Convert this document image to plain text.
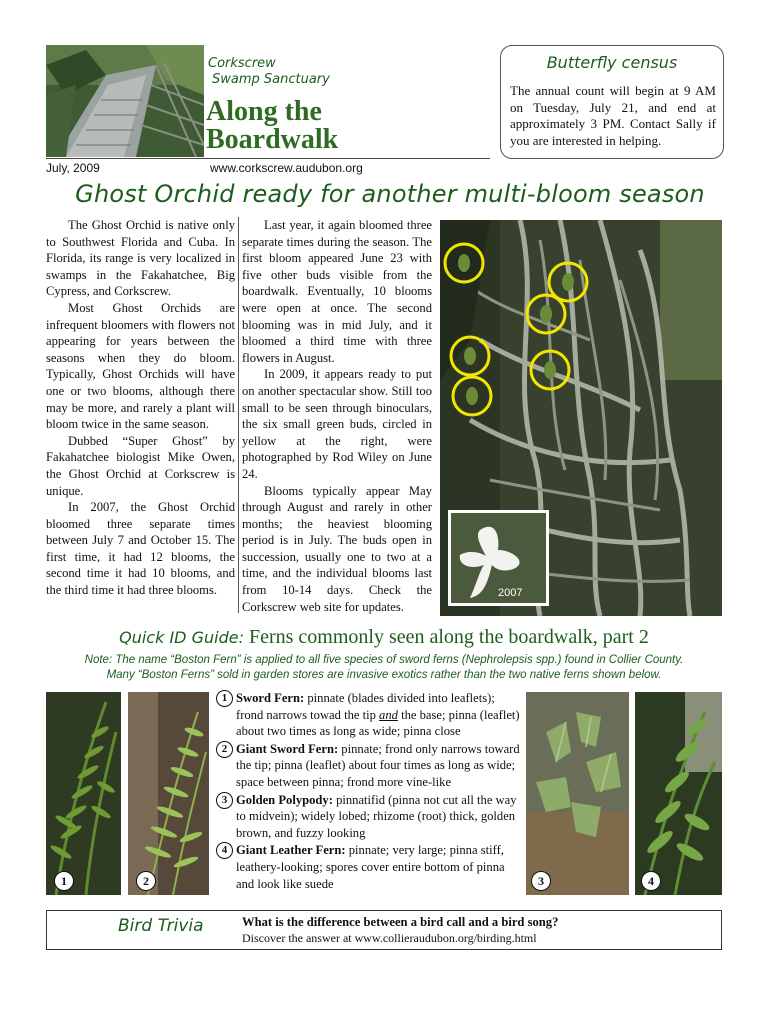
Corkscrew
Swamp Sanctuary
Along the
Boardwalk
July, 2009	www.corkscrew.audubon.org
Butterfly census
The annual count will begin at 9 AM on Tuesday, July 21, and end at approximately 3 PM. Contact Sally if you are interested in helping.
Ghost Orchid ready for another multi-bloom season

The Ghost Orchid is native only to Southwest Florida and Cuba. In Florida, its range is very localized in swamps in the Fakahatchee, Big Cypress, and Corkscrew.

Most Ghost Orchids are infrequent bloomers with flowers not appearing for years between the seasons when they do bloom. Typically, Ghost Orchids will have one or two blooms, although there may be more, and rarely a plant will bloom twice in the same season.

Dubbed “Super Ghost” by Fakahatchee biologist Mike Owen, the Ghost Orchid at Corkscrew is unique.

In 2007, the Ghost Orchid bloomed three separate times between July 7 and October 15. The first time, it had 12 blooms, the second time it had 10 blooms, and the third time it had three blooms.

Last year, it again bloomed three separate times during the season. The first bloom appeared June 23 with five other buds visible from the boardwalk. Eventually, 10 blooms were open at once. The second blooming was in mid July, and it bloomed a third time with three flowers in August.

In 2009, it appears ready to put on another spectacular show. Still too small to be seen through binoculars, the six small green buds, circled in yellow at the right, were photographed by Rod Wiley on June 24.

Blooms typically appear May through August and rarely in other months; the heaviest blooming period is in July. The buds open in succession, usually one to two at a time, and the individual blooms last from 10-14 days. Check the Corkscrew web site for updates.

2007
Quick ID Guide: Ferns commonly seen along the boardwalk, part 2
Note: The name “Boston Fern” is applied to all five species of sword ferns (Nephrolepsis spp.) found in Collier County.
Many “Boston Ferns” sold in garden stores are invasive exotics rather than the two native ferns shown below.
1	2	3	4
1 Sword Fern: pinnate (blades divided into leaflets); frond narrows towad the tip and the base; pinna (leaflet) about two times as long as wide; pinna close
2 Giant Sword Fern: pinnate; frond only narrows toward the tip; pinna (leaflet) about four times as long as wide; space between pinna; frond more vine-like
3 Golden Polypody: pinnatifid (pinna not cut all the way to midvein); widely lobed; rhizome (root) thick, golden brown, and fuzzy looking
4 Giant Leather Fern: pinnate; very large; pinna stiff, leathery-looking; spores cover entire bottom of pinna and look like suede
Bird Trivia	What is the difference between a bird call and a bird song?
Discover the answer at www.collieraudubon.org/birding.html
